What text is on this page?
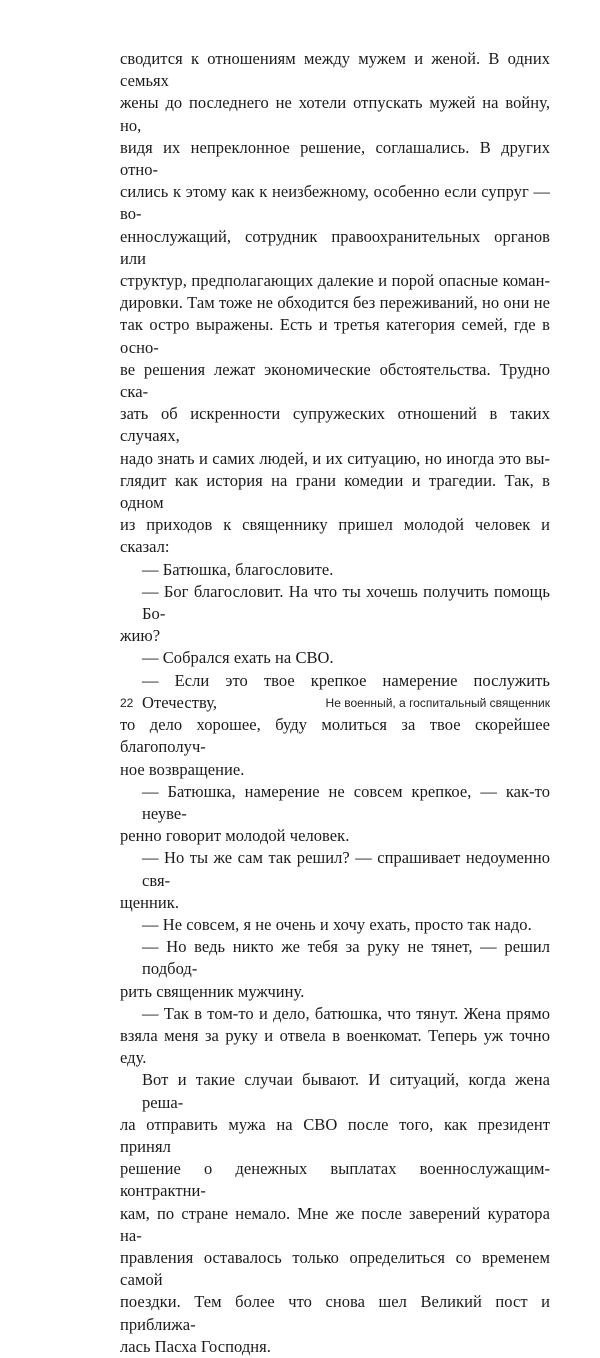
сводится к отношениям между мужем и женой. В одних семьях
жены до последнего не хотели отпускать мужей на войну, но,
видя их непреклонное решение, соглашались. В других отно-
сились к этому как к неизбежному, особенно если супруг — во-
еннослужащий, сотрудник правоохранительных органов или
структур, предполагающих далекие и порой опасные коман-
дировки. Там тоже не обходится без переживаний, но они не
так остро выражены. Есть и третья категория семей, где в осно-
ве решения лежат экономические обстоятельства. Трудно ска-
зать об искренности супружеских отношений в таких случаях,
надо знать и самих людей, и их ситуацию, но иногда это вы-
глядит как история на грани комедии и трагедии. Так, в одном
из приходов к священнику пришел молодой человек и сказал:
— Батюшка, благословите.
— Бог благословит. На что ты хочешь получить помощь Бо-
жию?
— Собрался ехать на СВО.
— Если это твое крепкое намерение послужить Отечеству,
то дело хорошее, буду молиться за твое скорейшее благополуч-
ное возвращение.
— Батюшка, намерение не совсем крепкое, — как-то неуве-
ренно говорит молодой человек.
— Но ты же сам так решил? — спрашивает недоуменно свя-
щенник.
— Не совсем, я не очень и хочу ехать, просто так надо.
— Но ведь никто же тебя за руку не тянет, — решил подбод-
рить священник мужчину.
— Так в том-то и дело, батюшка, что тянут. Жена прямо
взяла меня за руку и отвела в военкомат. Теперь уж точно еду.
Вот и такие случаи бывают. И ситуаций, когда жена реша-
ла отправить мужа на СВО после того, как президент принял
решение о денежных выплатах военнослужащим-контрактни-
кам, по стране немало. Мне же после заверений куратора на-
правления оставалось только определиться со временем самой
поездки. Тем более что снова шел Великий пост и приближа-
лась Пасха Господня.
22	Не военный, а госпитальный священник
